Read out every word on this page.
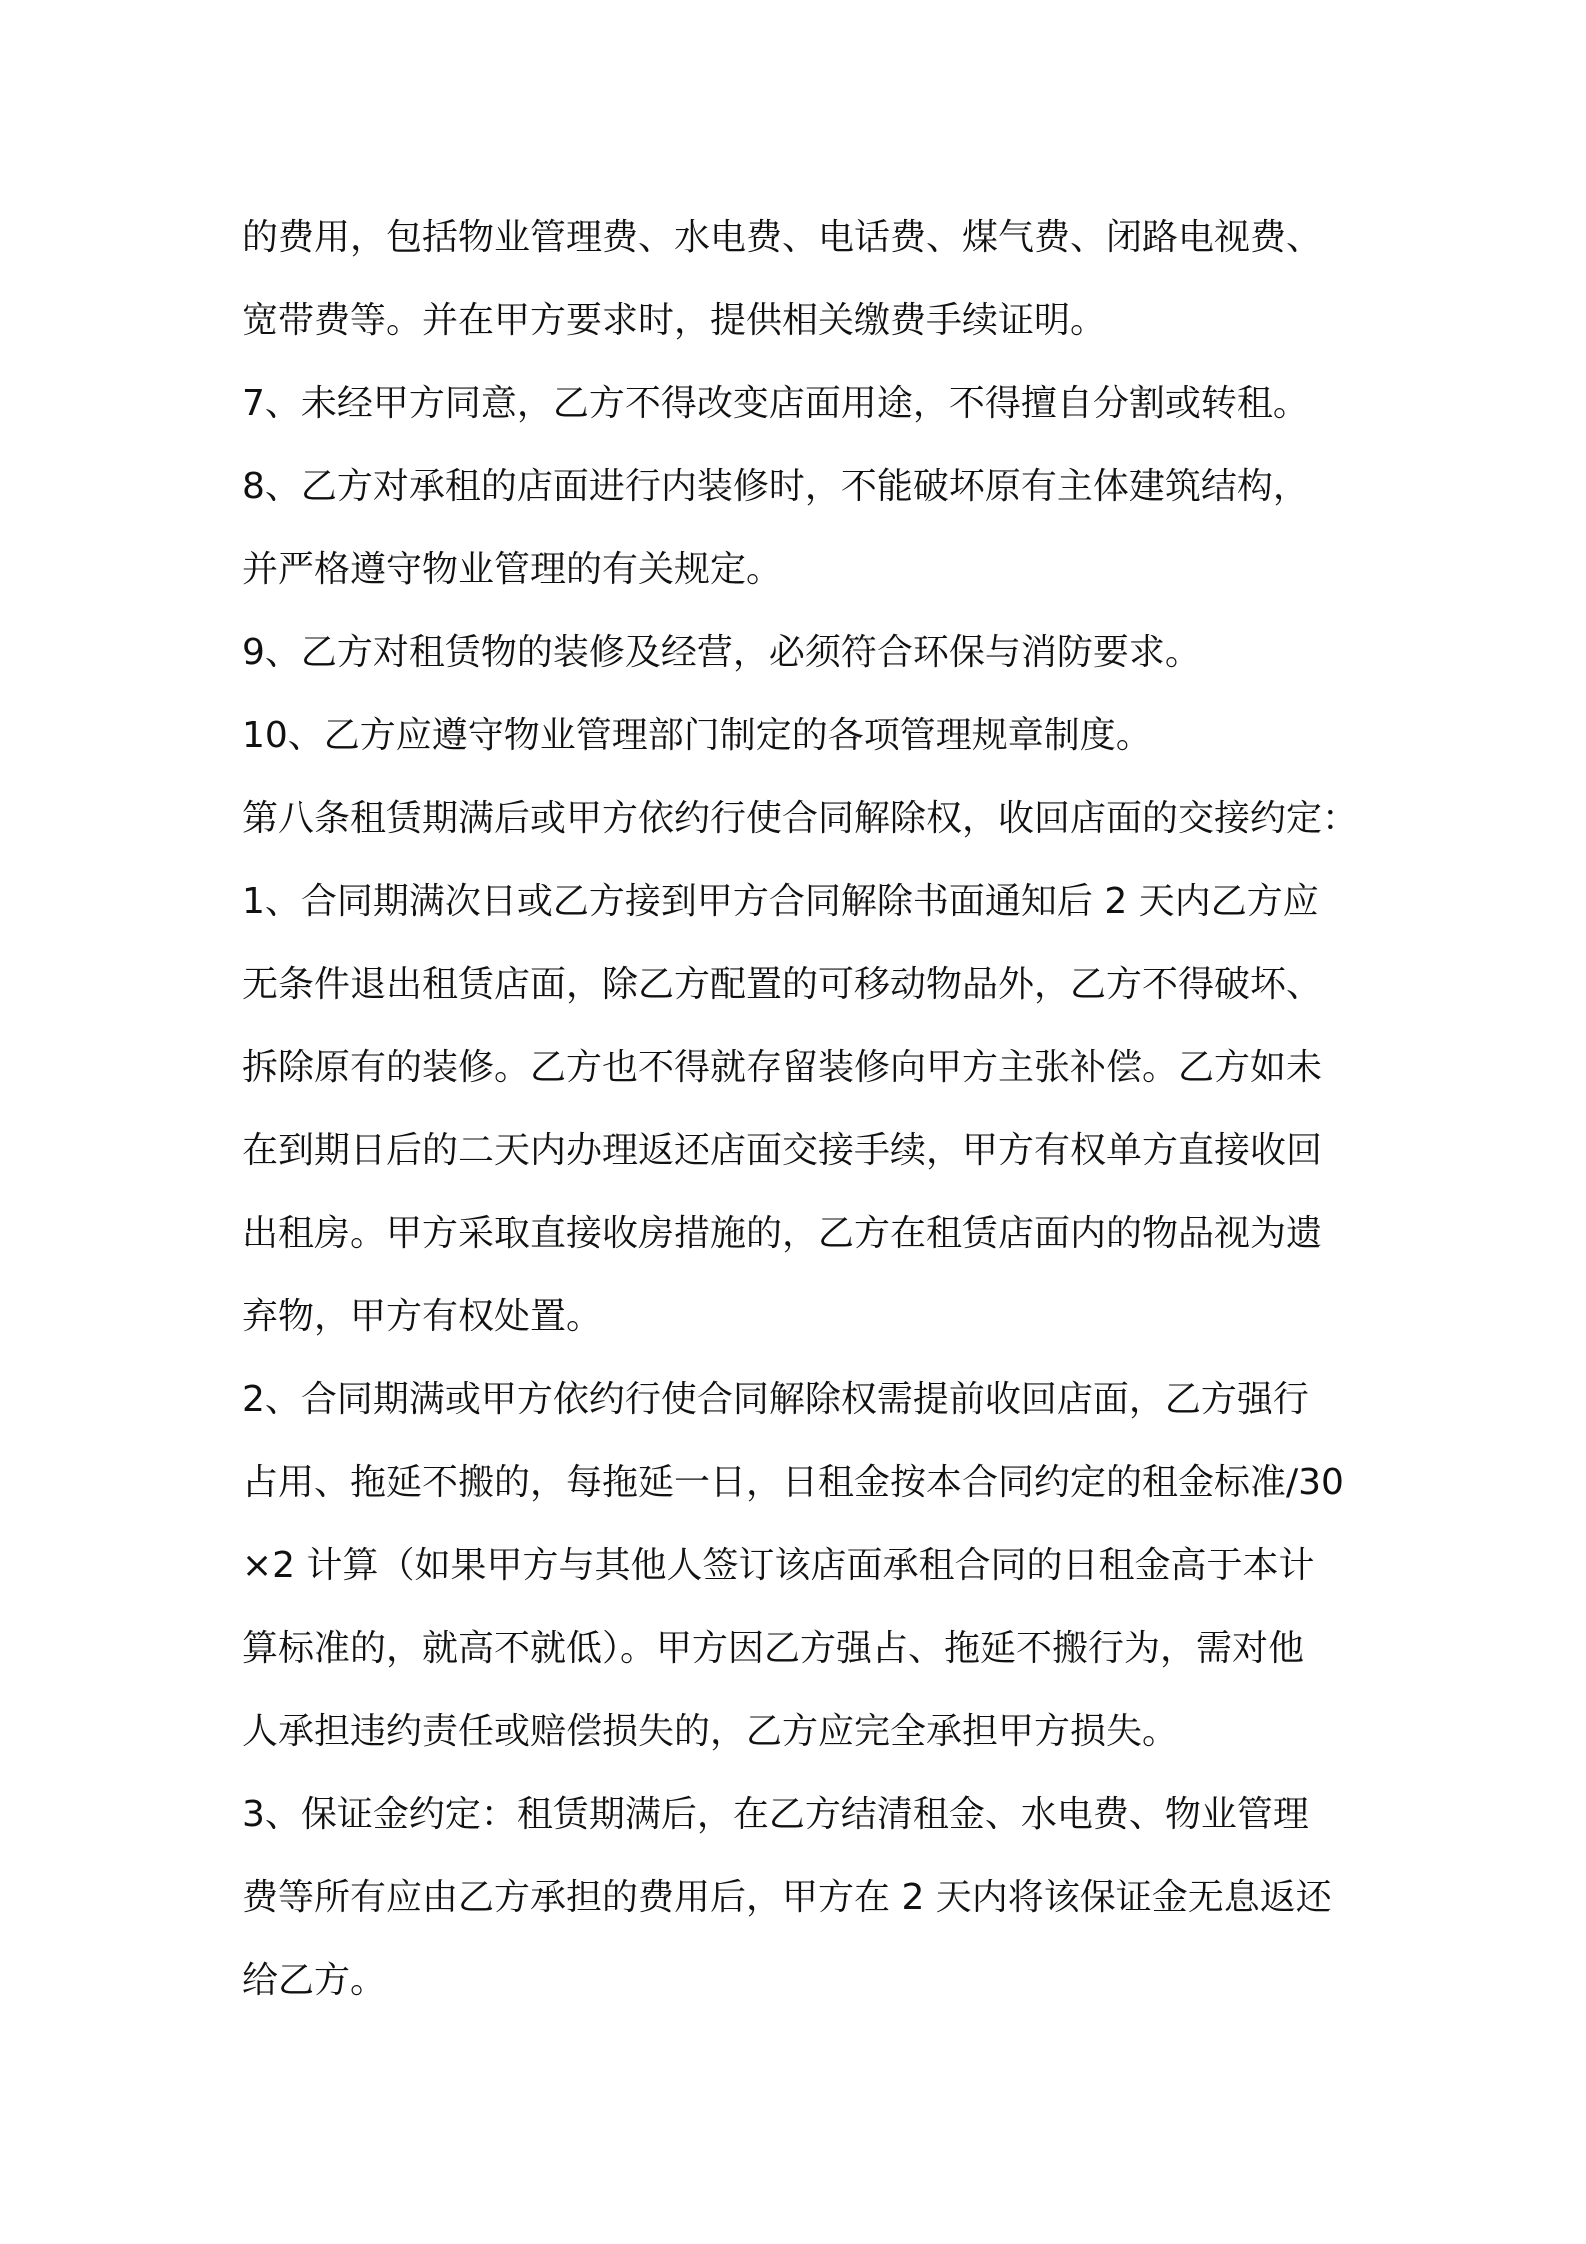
的费用，包括物业管理费、水电费、电话费、煤气费、闭路电视费、
宽带费等。并在甲方要求时，提供相关缴费手续证明。
7、未经甲方同意，乙方不得改变店面用途，不得擅自分割或转租。
8、乙方对承租的店面进行内装修时，不能破坏原有主体建筑结构，
并严格遵守物业管理的有关规定。
9、乙方对租赁物的装修及经营，必须符合环保与消防要求。
10、乙方应遵守物业管理部门制定的各项管理规章制度。
第八条租赁期满后或甲方依约行使合同解除权，收回店面的交接约定：
1、合同期满次日或乙方接到甲方合同解除书面通知后 2 天内乙方应
无条件退出租赁店面，除乙方配置的可移动物品外，乙方不得破坏、
拆除原有的装修。乙方也不得就存留装修向甲方主张补偿。乙方如未
在到期日后的二天内办理返还店面交接手续，甲方有权单方直接收回
出租房。甲方采取直接收房措施的，乙方在租赁店面内的物品视为遗
弃物，甲方有权处置。
2、合同期满或甲方依约行使合同解除权需提前收回店面，乙方强行
占用、拖延不搬的，每拖延一日，日租金按本合同约定的租金标准/30
×2 计算（如果甲方与其他人签订该店面承租合同的日租金高于本计
算标准的，就高不就低）。甲方因乙方强占、拖延不搬行为，需对他
人承担违约责任或赔偿损失的，乙方应完全承担甲方损失。
3、保证金约定：租赁期满后，在乙方结清租金、水电费、物业管理
费等所有应由乙方承担的费用后，甲方在 2 天内将该保证金无息返还
给乙方。
